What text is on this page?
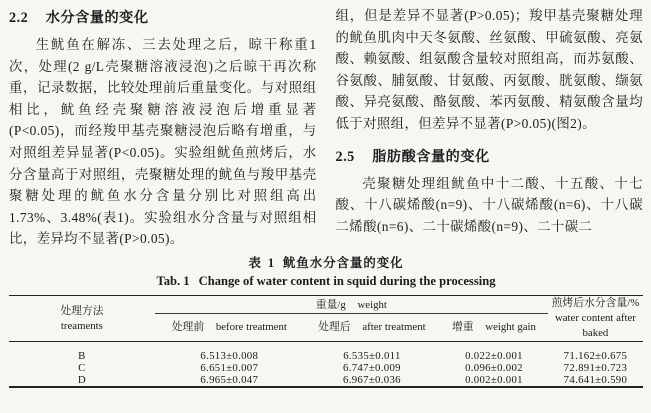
2.2 水分含量的变化

生鱿鱼在解冻、三去处理之后，晾干称重1次，处理(2 g/L壳聚糖溶液浸泡)之后晾干再次称重，记录数据，比较处理前后重量变化。与对照组相比，鱿鱼经壳聚糖溶液浸泡后增重显著(P<0.05)，而经羧甲基壳聚糖浸泡后略有增重，与对照组差异显著(P<0.05)。实验组鱿鱼煎烤后，水分含量高于对照组，壳聚糖处理的鱿鱼与羧甲基壳聚糖处理的鱿鱼水分含量分别比对照组高出1.73%、3.48%(表1)。实验组水分含量与对照组相比，差异均不显著(P>0.05)。

组，但是差异不显著(P>0.05)；羧甲基壳聚糖处理的鱿鱼肌肉中天冬氨酸、丝氨酸、甲硫氨酸、亮氨酸、赖氨酸、组氨酸含量较对照组高，而苏氨酸、谷氨酸、脯氨酸、甘氨酸、丙氨酸、胱氨酸、缬氨酸、异亮氨酸、酪氨酸、苯丙氨酸、精氨酸含量均低于对照组，但差异不显著(P>0.05)(图2)。

2.5 脂肪酸含量的变化

壳聚糖处理组鱿鱼中十二酸、十五酸、十七酸、十八碳烯酸(n=9)、十八碳烯酸(n=6)、十八碳二烯酸(n=6)、二十碳烯酸(n=9)、二十碳二

表 1 鱿鱼水分含量的变化

Tab. 1 Change of water content in squid during the processing

处理方法
treaments
	重量/g weight	煎烤后水分含量/%
water content after baked

	处理前 before treatment	处理后 after treatment	增重 weight gain	
B	6.513±0.008	6.535±0.011	0.022±0.001	71.162±0.675
C	6.651±0.007	6.747±0.009	0.096±0.002	72.891±0.723
D	6.965±0.047	6.967±0.036	0.002±0.001	74.641±0.590
